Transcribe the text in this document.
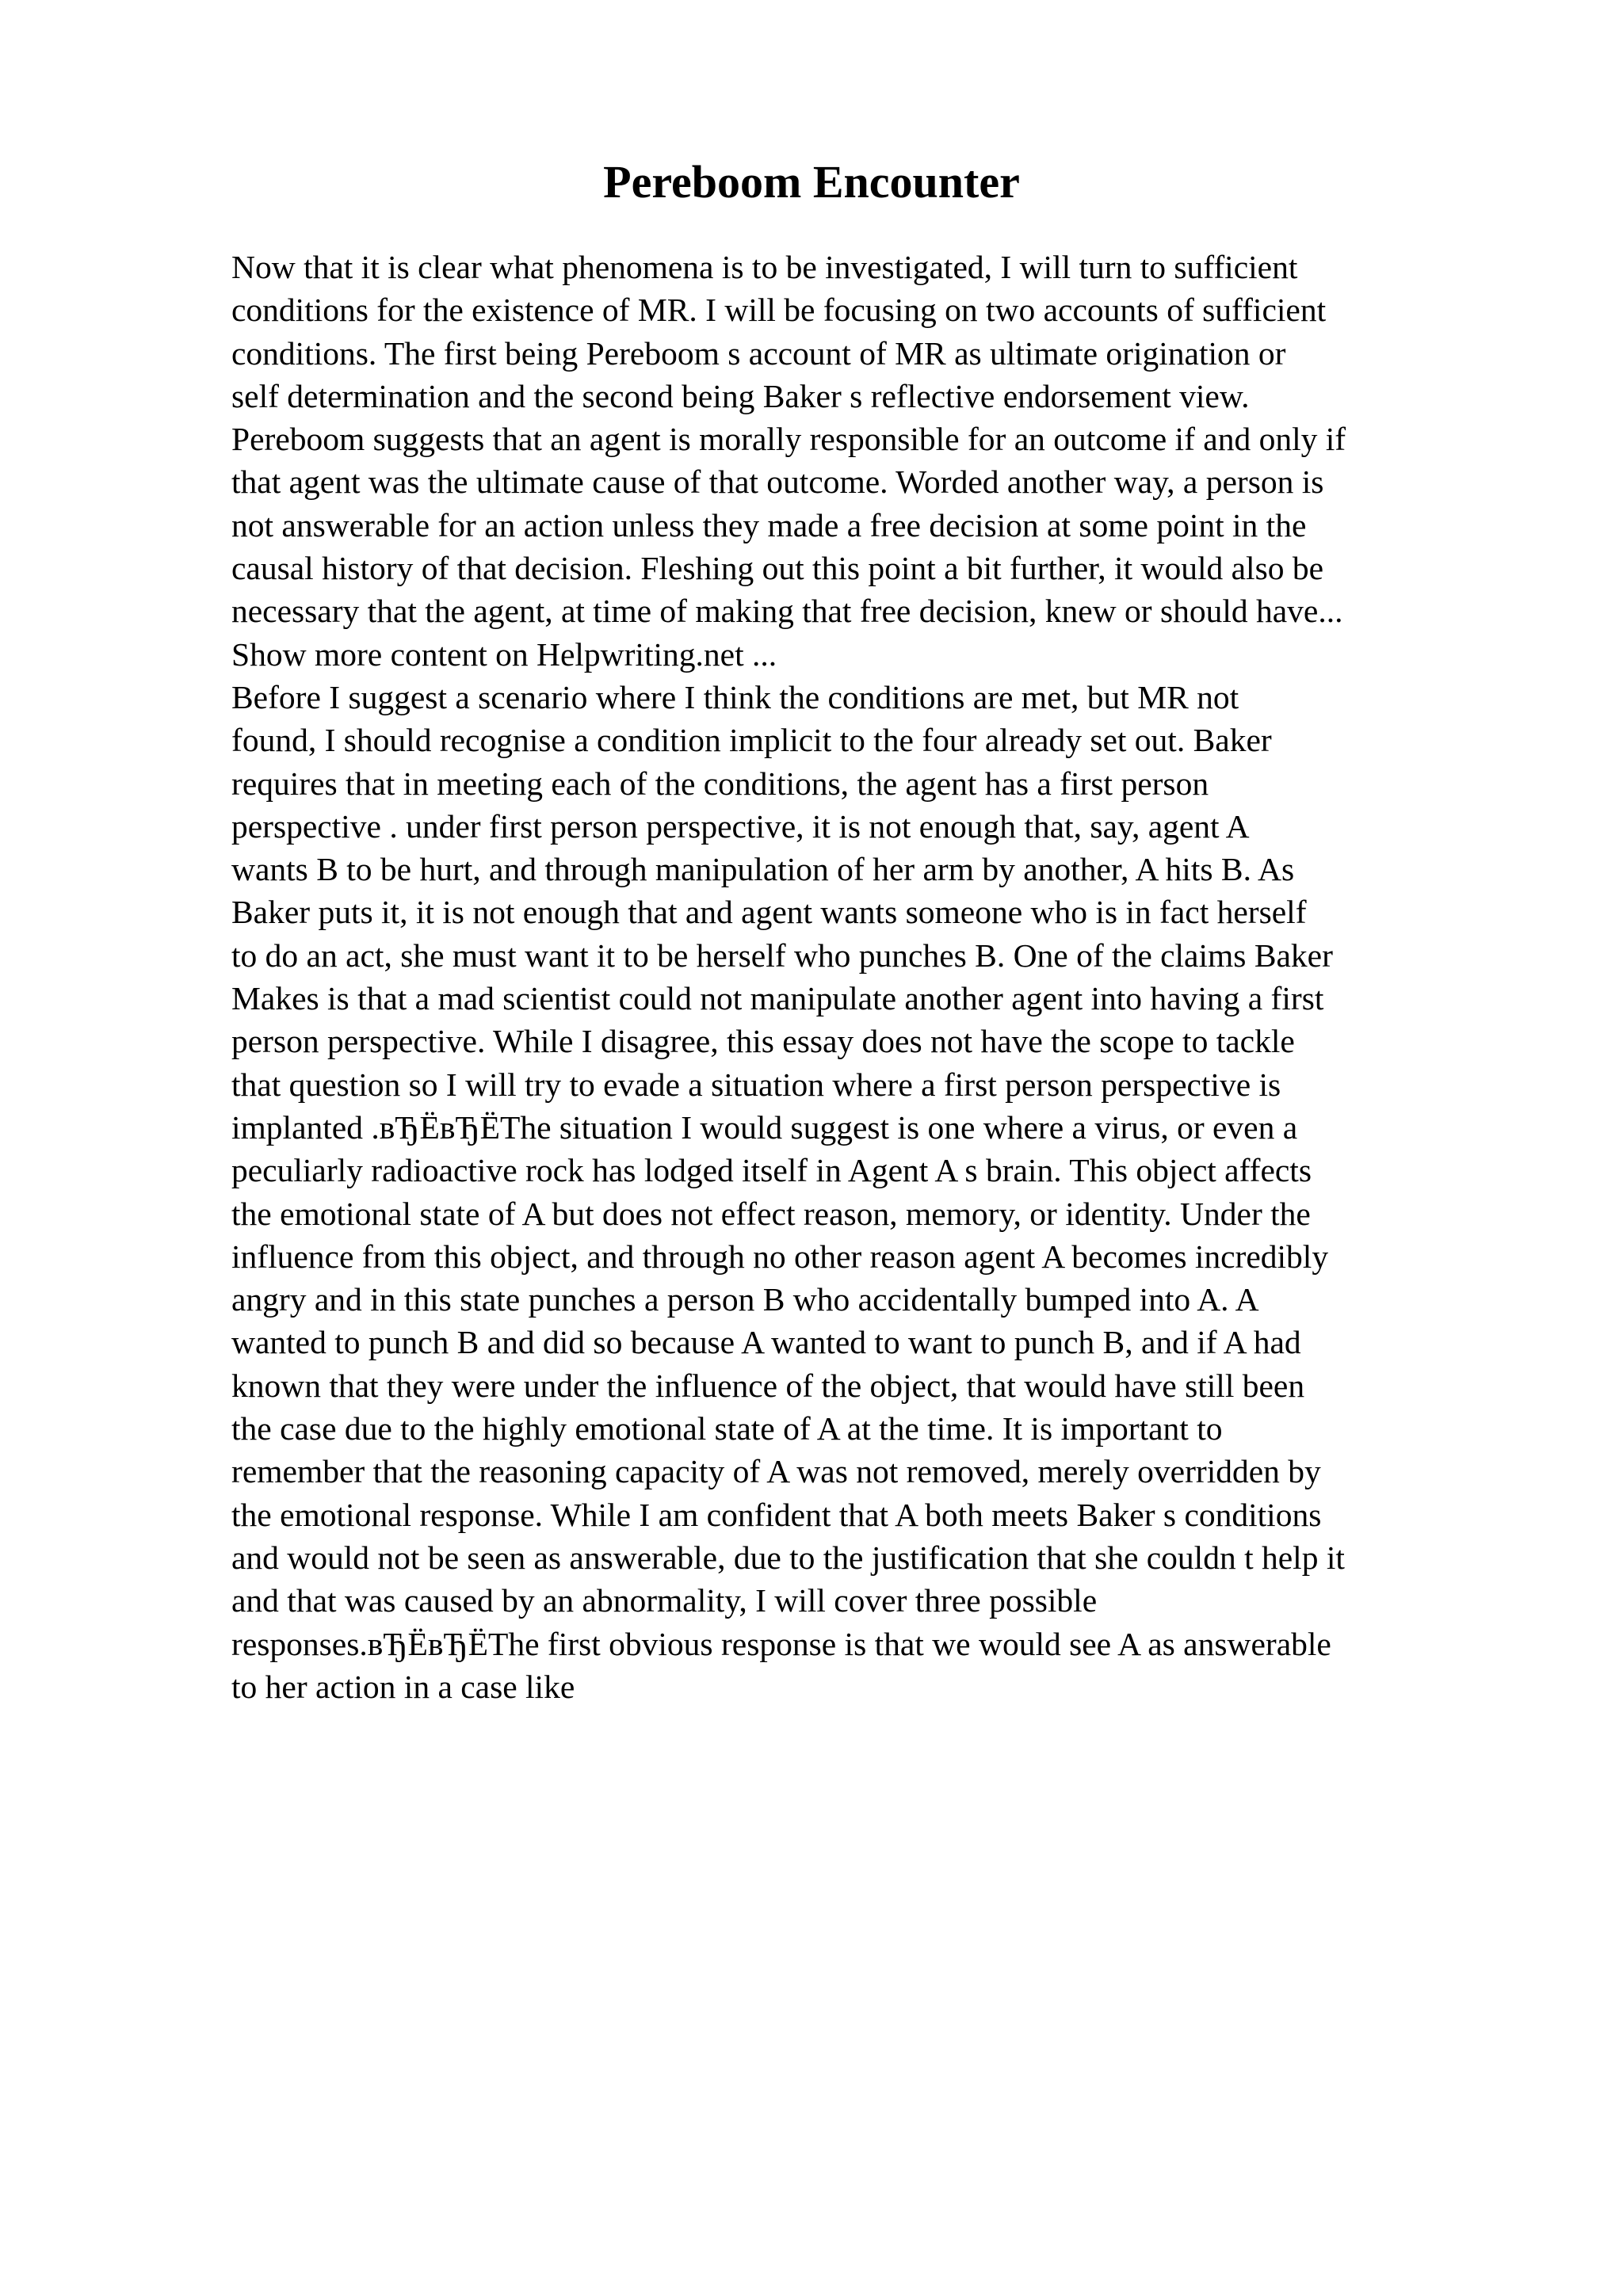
Pereboom Encounter
Now that it is clear what phenomena is to be investigated, I will turn to sufficient
conditions for the existence of MR. I will be focusing on two accounts of sufficient
conditions. The first being Pereboom s account of MR as ultimate origination or
self determination and the second being Baker s reflective endorsement view.
Pereboom suggests that an agent is morally responsible for an outcome if and only if
that agent was the ultimate cause of that outcome. Worded another way, a person is
not answerable for an action unless they made a free decision at some point in the
causal history of that decision. Fleshing out this point a bit further, it would also be
necessary that the agent, at time of making that free decision, knew or should have...
Show more content on Helpwriting.net ...
Before I suggest a scenario where I think the conditions are met, but MR not
found, I should recognise a condition implicit to the four already set out. Baker
requires that in meeting each of the conditions, the agent has a first person
perspective . under first person perspective, it is not enough that, say, agent A
wants B to be hurt, and through manipulation of her arm by another, A hits B. As
Baker puts it, it is not enough that and agent wants someone who is in fact herself
to do an act, she must want it to be herself who punches B. One of the claims Baker
Makes is that a mad scientist could not manipulate another agent into having a first
person perspective. While I disagree, this essay does not have the scope to tackle
that question so I will try to evade a situation where a first person perspective is
implanted .вЂЁвЂЁThe situation I would suggest is one where a virus, or even a
peculiarly radioactive rock has lodged itself in Agent A s brain. This object affects
the emotional state of A but does not effect reason, memory, or identity. Under the
influence from this object, and through no other reason agent A becomes incredibly
angry and in this state punches a person B who accidentally bumped into A. A
wanted to punch B and did so because A wanted to want to punch B, and if A had
known that they were under the influence of the object, that would have still been
the case due to the highly emotional state of A at the time. It is important to
remember that the reasoning capacity of A was not removed, merely overridden by
the emotional response. While I am confident that A both meets Baker s conditions
and would not be seen as answerable, due to the justification that she couldn t help it
and that was caused by an abnormality, I will cover three possible
responses.вЂЁвЂЁThe first obvious response is that we would see A as answerable
to her action in a case like
